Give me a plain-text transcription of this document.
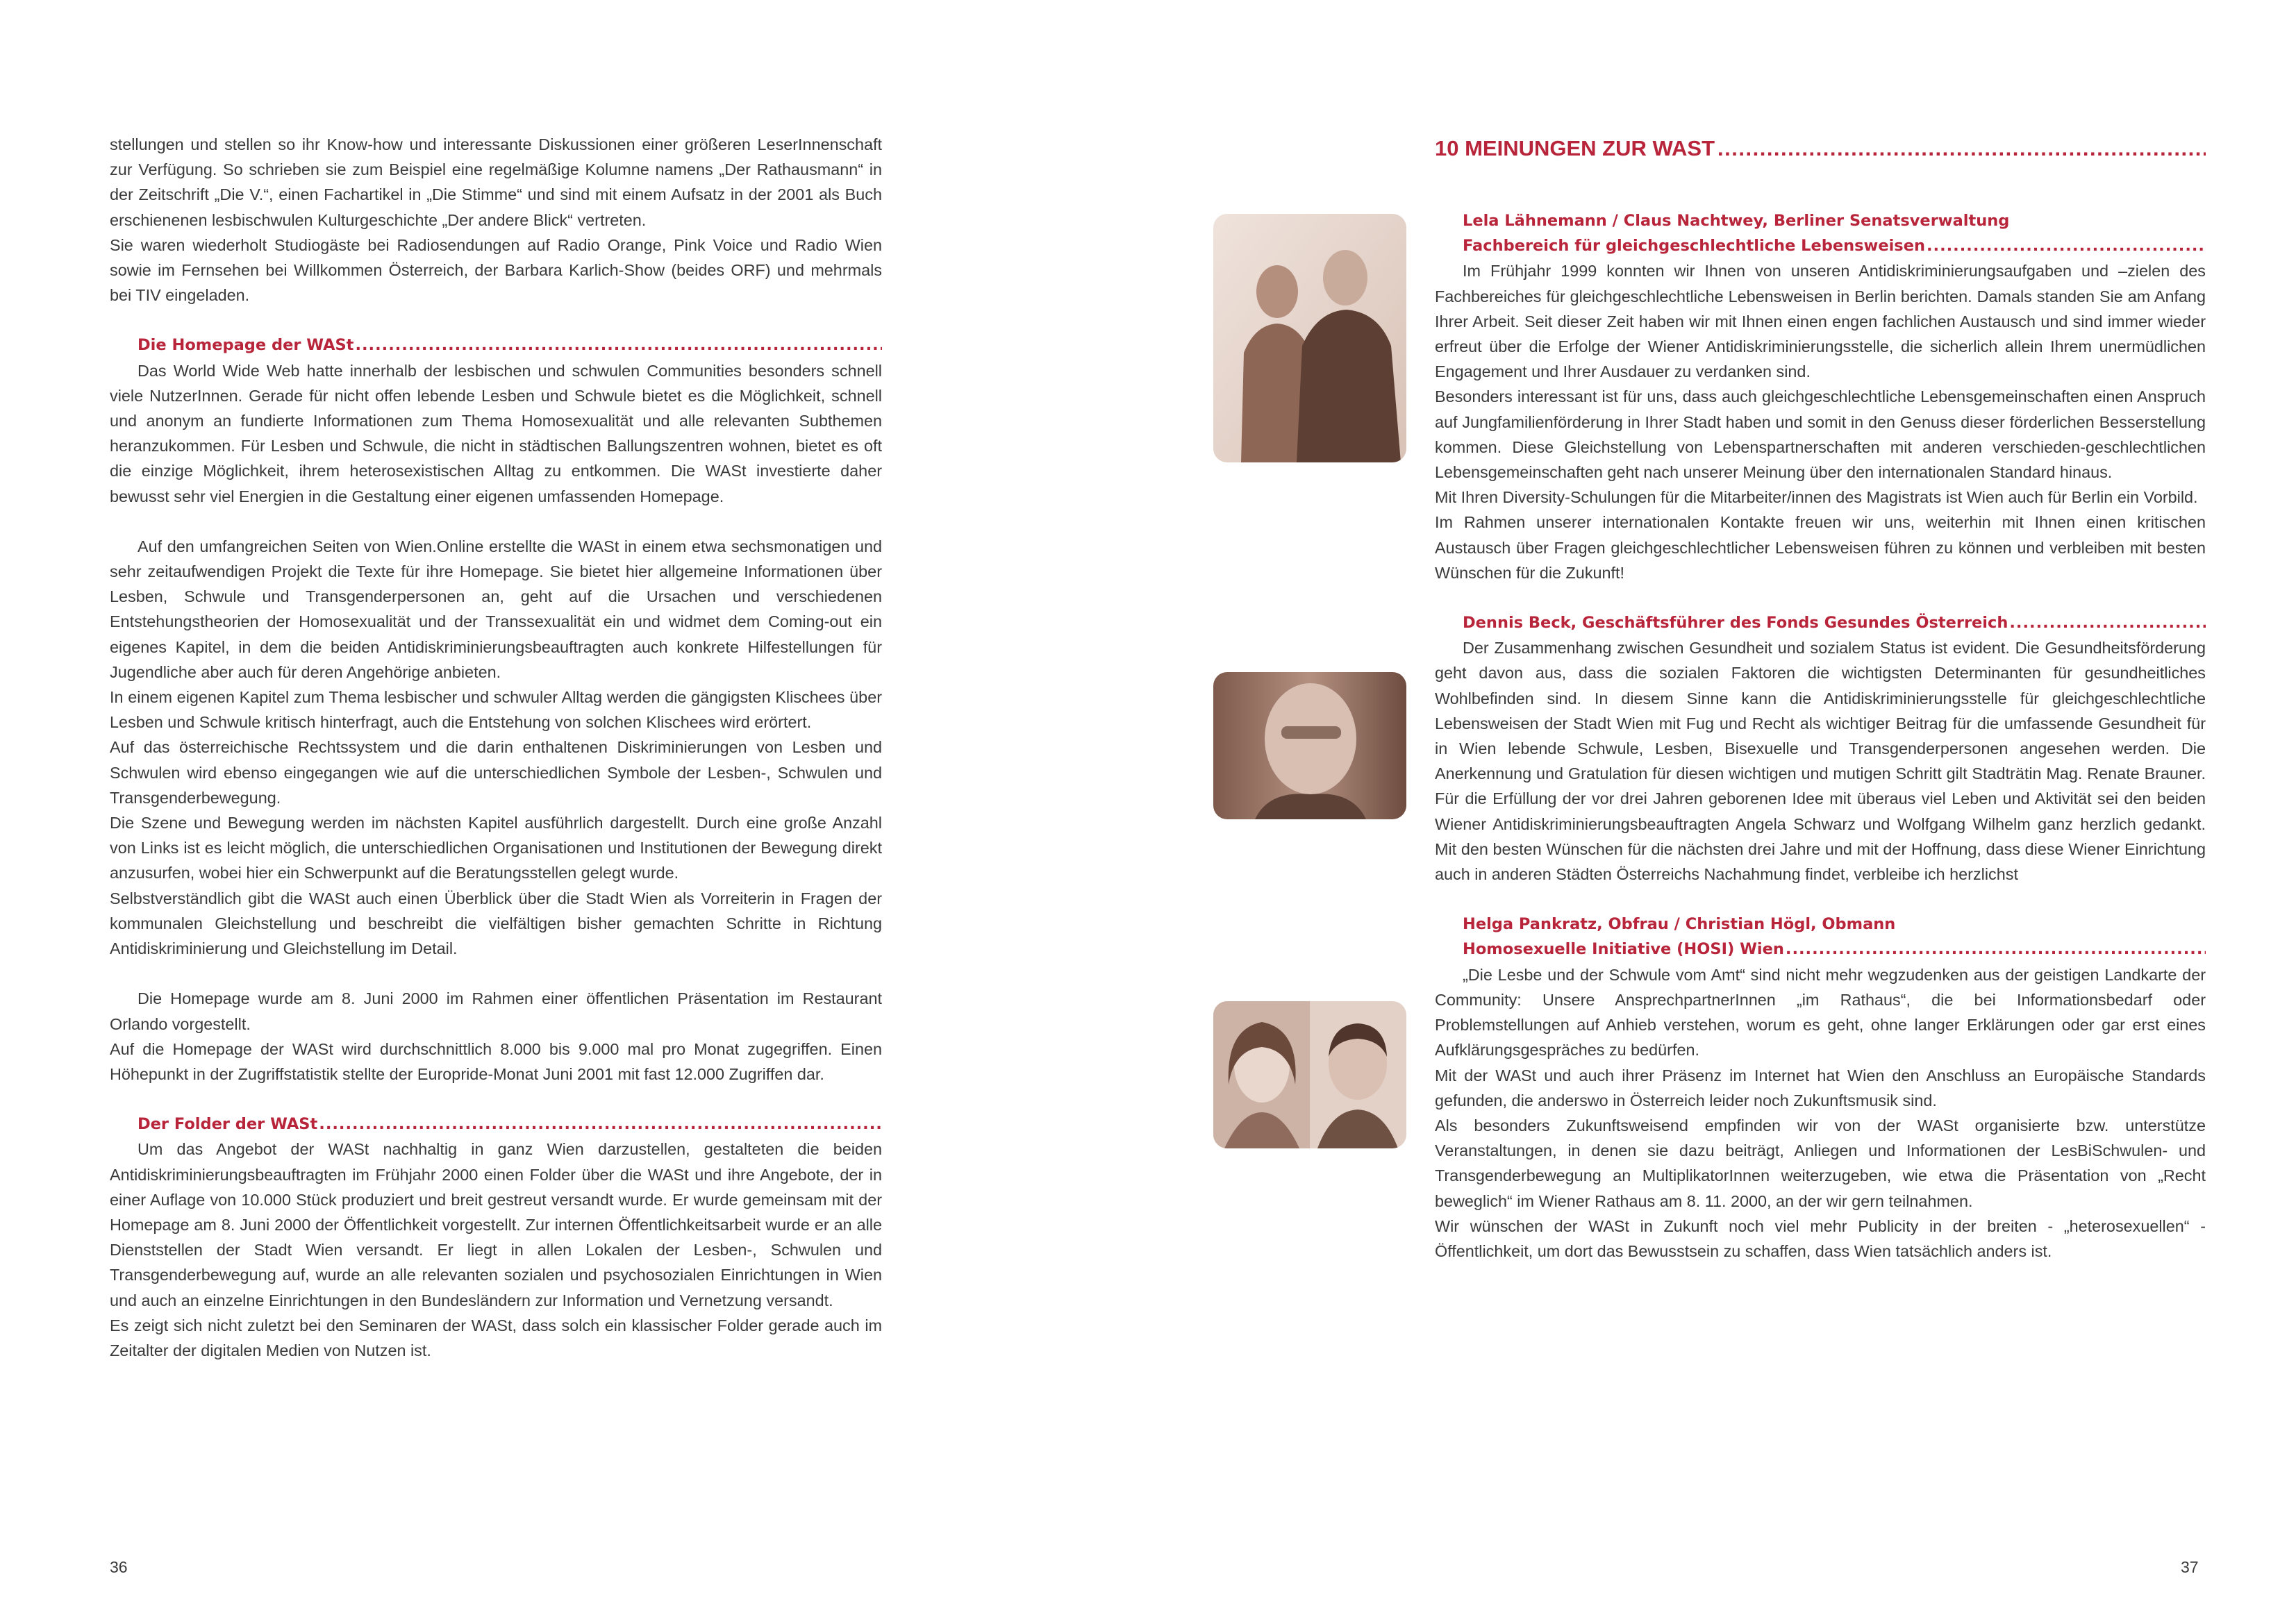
stellungen und stellen so ihr Know-how und interessante Diskussionen einer größeren LeserInnenschaft zur Verfügung. So schrieben sie zum Beispiel eine regelmäßige Kolumne namens „Der Rathausmann“ in der Zeitschrift „Die V.“, einen Fachartikel in „Die Stimme“ und sind mit einem Aufsatz in der 2001 als Buch erschienenen lesbischwulen Kulturgeschichte „Der andere Blick“ vertreten.

Sie waren wiederholt Studiogäste bei Radiosendungen auf Radio Orange, Pink Voice und Radio Wien sowie im Fernsehen bei Willkommen Österreich, der Barbara Karlich-Show (beides ORF) und mehrmals bei TIV eingeladen.

Die Homepage der WASt
.....

Das World Wide Web hatte innerhalb der lesbischen und schwulen Communities besonders schnell viele NutzerInnen. Gerade für nicht offen lebende Lesben und Schwule bietet es die Möglichkeit, schnell und anonym an fundierte Informationen zum Thema Homosexualität und alle relevanten Subthemen heranzukommen. Für Lesben und Schwule, die nicht in städtischen Ballungszentren wohnen, bietet es oft die einzige Möglichkeit, ihrem heterosexistischen Alltag zu entkommen. Die WASt investierte daher bewusst sehr viel Energien in die Gestaltung einer eigenen umfassenden Homepage.

Auf den umfangreichen Seiten von Wien.Online erstellte die WASt in einem etwa sechsmonatigen und sehr zeitaufwendigen Projekt die Texte für ihre Homepage. Sie bietet hier allgemeine Informationen über Lesben, Schwule und Transgenderpersonen an, geht auf die Ursachen und verschiedenen Entstehungstheorien der Homosexualität und der Transsexualität ein und widmet dem Coming-out ein eigenes Kapitel, in dem die beiden Antidiskriminierungsbeauftragten auch konkrete Hilfestellungen für Jugendliche aber auch für deren Angehörige anbieten.

In einem eigenen Kapitel zum Thema lesbischer und schwuler Alltag werden die gängigsten Klischees über Lesben und Schwule kritisch hinterfragt, auch die Entstehung von solchen Klischees wird erörtert.

Auf das österreichische Rechtssystem und die darin enthaltenen Diskriminierungen von Lesben und Schwulen wird ebenso eingegangen wie auf die unterschiedlichen Symbole der Lesben-, Schwulen und Transgenderbewegung.

Die Szene und Bewegung werden im nächsten Kapitel ausführlich dargestellt. Durch eine große Anzahl von Links ist es leicht möglich, die unterschiedlichen Organisationen und Institutionen der Bewegung direkt anzusurfen, wobei hier ein Schwerpunkt auf die Beratungsstellen gelegt wurde.

Selbstverständlich gibt die WASt auch einen Überblick über die Stadt Wien als Vorreiterin in Fragen der kommunalen Gleichstellung und beschreibt die vielfältigen bisher gemachten Schritte in Richtung Antidiskriminierung und Gleichstellung im Detail.

Die Homepage wurde am 8. Juni 2000 im Rahmen einer öffentlichen Präsentation im Restaurant Orlando vorgestellt.

Auf die Homepage der WASt wird durchschnittlich 8.000 bis 9.000 mal pro Monat zugegriffen. Einen Höhepunkt in der Zugriffstatistik stellte der Europride-Monat Juni 2001 mit fast 12.000 Zugriffen dar.

Der Folder der WASt
.....

Um das Angebot der WASt nachhaltig in ganz Wien darzustellen, gestalteten die beiden Antidiskriminierungsbeauftragten im Frühjahr 2000 einen Folder über die WASt und ihre Angebote, der in einer Auflage von 10.000 Stück produziert und breit gestreut versandt wurde. Er wurde gemeinsam mit der Homepage am 8. Juni 2000 der Öffentlichkeit vorgestellt. Zur internen Öffentlichkeitsarbeit wurde er an alle Dienststellen der Stadt Wien versandt. Er liegt in allen Lokalen der Lesben-, Schwulen und Transgenderbewegung auf, wurde an alle relevanten sozialen und psychosozialen Einrichtungen in Wien und auch an einzelne Einrichtungen in den Bundesländern zur Information und Vernetzung versandt.

Es zeigt sich nicht zuletzt bei den Seminaren der WASt, dass solch ein klassischer Folder gerade auch im Zeitalter der digitalen Medien von Nutzen ist.

36
10 MEINUNGEN ZUR WAST
.....
Lela Lähnemann / Claus Nachtwey, Berliner Senatsverwaltung
Fachbereich für gleichgeschlechtliche Lebensweisen
.....

Im Frühjahr 1999 konnten wir Ihnen von unseren Antidiskriminierungsaufgaben und –zielen des Fachbereiches für gleichgeschlechtliche Lebensweisen in Berlin berichten. Damals standen Sie am Anfang Ihrer Arbeit. Seit dieser Zeit haben wir mit Ihnen einen engen fachlichen Austausch und sind immer wieder erfreut über die Erfolge der Wiener Antidiskriminierungsstelle, die sicherlich allein Ihrem unermüdlichen Engagement und Ihrer Ausdauer zu verdanken sind.

Besonders interessant ist für uns, dass auch gleichgeschlechtliche Lebensgemeinschaften einen Anspruch auf Jungfamilienförderung in Ihrer Stadt haben und somit in den Genuss dieser förderlichen Besserstellung kommen. Diese Gleichstellung von Lebenspartnerschaften mit anderen verschieden-geschlechtlichen Lebensgemeinschaften geht nach unserer Meinung über den internationalen Standard hinaus.

Mit Ihren Diversity-Schulungen für die Mitarbeiter/innen des Magistrats ist Wien auch für Berlin ein Vorbild.

Im Rahmen unserer internationalen Kontakte freuen wir uns, weiterhin mit Ihnen einen kritischen Austausch über Fragen gleichgeschlechtlicher Lebensweisen führen zu können und verbleiben mit besten Wünschen für die Zukunft!

Dennis Beck, Geschäftsführer des Fonds Gesundes Österreich
.....

Der Zusammenhang zwischen Gesundheit und sozialem Status ist evident. Die Gesundheitsförderung geht davon aus, dass die sozialen Faktoren die wichtigsten Determinanten für gesundheitliches Wohlbefinden sind. In diesem Sinne kann die Antidiskriminierungsstelle für gleichgeschlechtliche Lebensweisen der Stadt Wien mit Fug und Recht als wichtiger Beitrag für die umfassende Gesundheit für in Wien lebende Schwule, Lesben, Bisexuelle und Transgenderpersonen angesehen werden. Die Anerkennung und Gratulation für diesen wichtigen und mutigen Schritt gilt Stadträtin Mag. Renate Brauner. Für die Erfüllung der vor drei Jahren geborenen Idee mit überaus viel Leben und Aktivität sei den beiden Wiener Antidiskriminierungsbeauftragten Angela Schwarz und Wolfgang Wilhelm ganz herzlich gedankt. Mit den besten Wünschen für die nächsten drei Jahre und mit der Hoffnung, dass diese Wiener Einrichtung auch in anderen Städten Österreichs Nachahmung findet, verbleibe ich herzlichst

Helga Pankratz, Obfrau / Christian Högl, Obmann
Homosexuelle Initiative (HOSI) Wien
.....

„Die Lesbe und der Schwule vom Amt“ sind nicht mehr wegzudenken aus der geistigen Landkarte der Community: Unsere AnsprechpartnerInnen „im Rathaus“, die bei Informationsbedarf oder Problemstellungen auf Anhieb verstehen, worum es geht, ohne langer Erklärungen oder gar erst eines Aufklärungsgespräches zu bedürfen.

Mit der WASt und auch ihrer Präsenz im Internet hat Wien den Anschluss an Europäische Standards gefunden, die anderswo in Österreich leider noch Zukunftsmusik sind.

Als besonders Zukunftsweisend empfinden wir von der WASt organisierte bzw. unterstütze Veranstaltungen, in denen sie dazu beiträgt, Anliegen und Informationen der LesBiSchwulen- und Transgenderbewegung an MultiplikatorInnen weiterzugeben, wie etwa die Präsentation von „Recht beweglich“ im Wiener Rathaus am 8. 11. 2000, an der wir gern teilnahmen.

Wir wünschen der WASt in Zukunft noch viel mehr Publicity in der breiten - „heterosexuellen“ - Öffentlichkeit, um dort das Bewusstsein zu schaffen, dass Wien tatsächlich anders ist.

37
